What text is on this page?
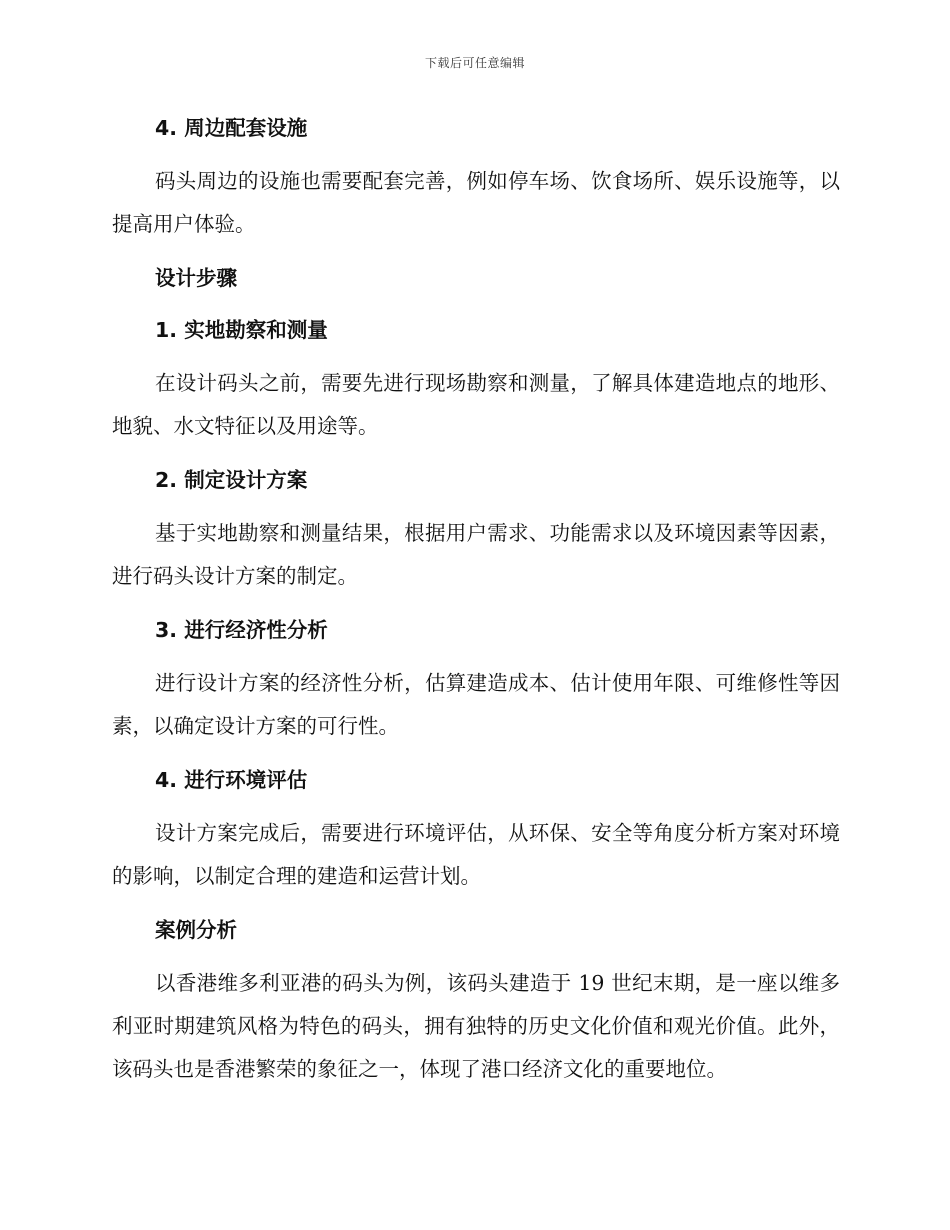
下载后可任意编辑
4. 周边配套设施

码头周边的设施也需要配套完善，例如停车场、饮食场所、娱乐设施等，以提高用户体验。

设计步骤
1. 实地勘察和测量

在设计码头之前，需要先进行现场勘察和测量，了解具体建造地点的地形、地貌、水文特征以及用途等。

2. 制定设计方案

基于实地勘察和测量结果，根据用户需求、功能需求以及环境因素等因素，进行码头设计方案的制定。

3. 进行经济性分析

进行设计方案的经济性分析，估算建造成本、估计使用年限、可维修性等因素，以确定设计方案的可行性。

4. 进行环境评估

设计方案完成后，需要进行环境评估，从环保、安全等角度分析方案对环境的影响，以制定合理的建造和运营计划。

案例分析

以香港维多利亚港的码头为例，该码头建造于 19 世纪末期，是一座以维多利亚时期建筑风格为特色的码头，拥有独特的历史文化价值和观光价值。此外，该码头也是香港繁荣的象征之一，体现了港口经济文化的重要地位。
